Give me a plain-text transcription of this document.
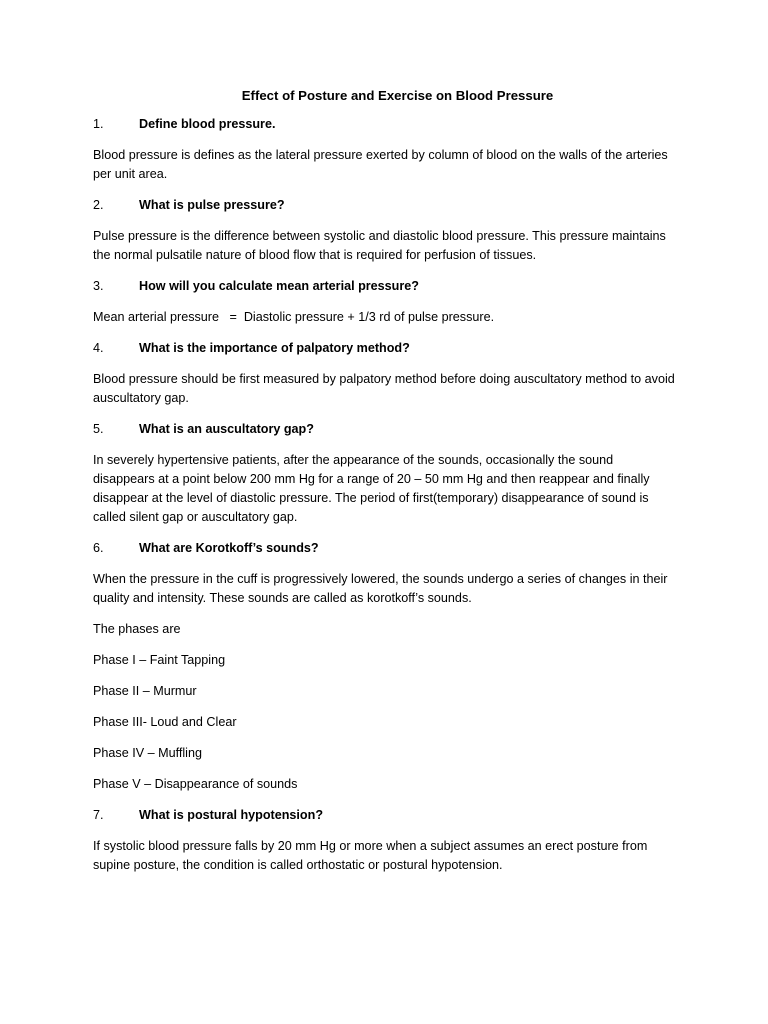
Effect of Posture and Exercise on Blood Pressure
1.	Define blood pressure.
Blood pressure is defines as the lateral pressure exerted by column of blood on the walls of the arteries per unit area.
2.	What is pulse pressure?
Pulse pressure is the difference between systolic and diastolic blood pressure. This pressure maintains the normal pulsatile nature of blood flow that is required for perfusion of tissues.
3.	How will you calculate mean arterial pressure?
Mean arterial pressure   =  Diastolic pressure + 1/3 rd of pulse pressure.
4.	What is the importance of palpatory method?
Blood pressure should be first measured by palpatory method before doing auscultatory method to avoid auscultatory gap.
5.	What is an auscultatory gap?
In severely hypertensive patients, after the appearance of the sounds, occasionally the sound disappears at a point below 200 mm Hg for a range of 20 – 50 mm Hg and then reappear and finally disappear at the level of diastolic pressure. The period of first(temporary) disappearance of sound is called silent gap or auscultatory gap.
6.	What are Korotkoff’s sounds?
When the pressure in the cuff is progressively lowered, the sounds undergo a series of changes in their quality and intensity. These sounds are called as korotkoff’s sounds.
The phases are
Phase I – Faint Tapping
Phase II – Murmur
Phase III- Loud and Clear
Phase IV – Muffling
Phase V – Disappearance of sounds
7.	What is postural hypotension?
If systolic blood pressure falls by 20 mm Hg or more when a subject assumes an erect posture from supine posture, the condition is called orthostatic or postural hypotension.
